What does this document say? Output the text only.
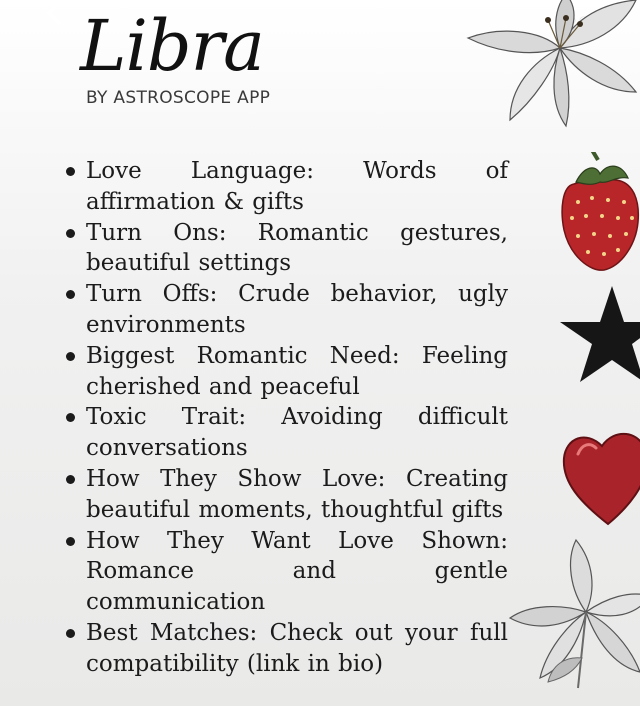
Libra
BY ASTROSCOPE APP
Love Language: Words of affirmation & gifts
Turn Ons: Romantic gestures, beautiful settings
Turn Offs: Crude behavior, ugly environments
Biggest Romantic Need: Feeling cherished and peaceful
Toxic Trait: Avoiding difficult conversations
How They Show Love: Creating beautiful moments, thoughtful gifts
How They Want Love Shown: Romance and gentle communication
Best Matches: Check out your full compatibility (link in bio)
